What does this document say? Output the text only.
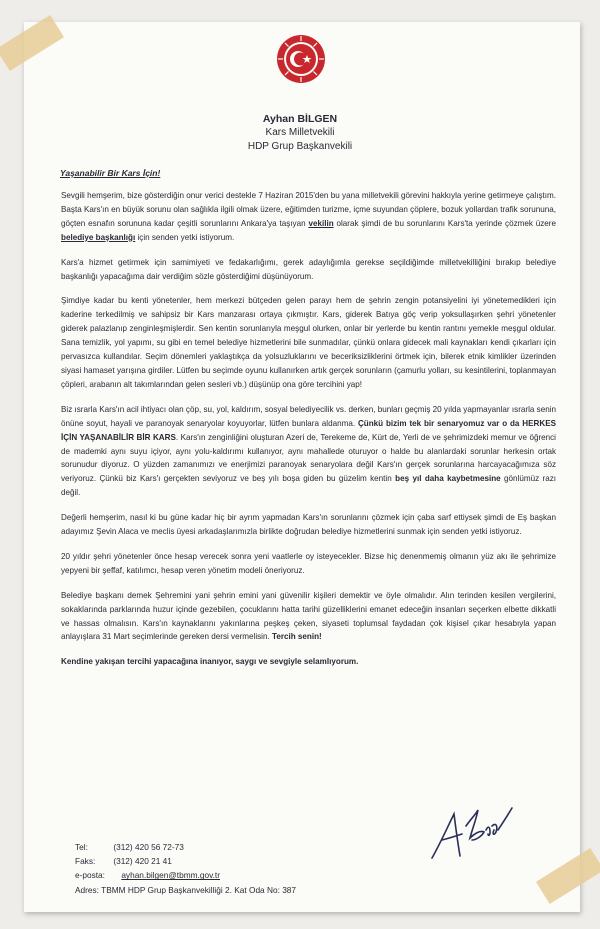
Ayhan BİLGEN
Kars Milletvekili
HDP Grup Başkanvekili
Yaşanabilir Bir Kars İçin!

Sevgili hemşerim, bize gösterdiğin onur verici destekle 7 Haziran 2015'den bu yana milletvekili görevini hakkıyla yerine getirmeye çalıştım. Başta Kars'ın en büyük sorunu olan sağlıkla ilgili olmak üzere, eğitimden turizme, içme suyundan çöplere, bozuk yollardan trafik sorununa, göçten esnafın sorununa kadar çeşitli sorunlarını Ankara'ya taşıyan vekilin olarak şimdi de bu sorunlarını Kars'ta yerinde çözmek üzere belediye başkanlığı için senden yetki istiyorum.

Kars'a hizmet getirmek için samimiyeti ve fedakarlığımı, gerek adaylığımla gerekse seçildiğimde milletvekilliğini bırakıp belediye başkanlığı yapacağıma dair verdiğim sözle gösterdiğimi düşünüyorum.

Şimdiye kadar bu kenti yönetenler, hem merkezi bütçeden gelen parayı hem de şehrin zengin potansiyelini iyi yönetemedikleri için kaderine terkedilmiş ve sahipsiz bir Kars manzarası ortaya çıkmıştır. Kars, giderek Batıya göç verip yoksullaşırken şehri yönetenler giderek palazlanıp zenginleşmişlerdir. Sen kentin sorunlarıyla meşgul olurken, onlar bir yerlerde bu kentin rantını yemekle meşgul oldular. Sana temizlik, yol yapımı, su gibi en temel belediye hizmetlerini bile sunmadılar, çünkü onlara gidecek mali kaynakları kendi çıkarları için pervasızca kullandılar. Seçim dönemleri yaklaştıkça da yolsuzluklarını ve beceriksizliklerini örtmek için, bilerek etnik kimlikler üzerinden siyasi hamaset yarışına girdiler. Lütfen bu seçimde oyunu kullanırken artık gerçek sorunların (çamurlu yolları, su kesintilerini, toplanmayan çöpleri, arabanın alt takımlarından gelen sesleri vb.) düşünüp ona göre tercihini yap!

Biz ısrarla Kars'ın acil ihtiyacı olan çöp, su, yol, kaldırım, sosyal belediyecilik vs. derken, bunları geçmiş 20 yılda yapmayanlar ısrarla senin önüne soyut, hayali ve paranoyak senaryolar koyuyorlar, lütfen bunlara aldanma. Çünkü bizim tek bir senaryomuz var o da HERKES İÇİN YAŞANABİLİR BİR KARS. Kars'ın zenginliğini oluşturan Azeri de, Terekeme de, Kürt de, Yerli de ve şehrimizdeki memur ve öğrenci de mademki aynı suyu içiyor, aynı yolu-kaldırımı kullanıyor, aynı mahallede oturuyor o halde bu alanlardaki sorunlar herkesin ortak sorunudur diyoruz. O yüzden zamanımızı ve enerjimizi paranoyak senaryolara değil Kars'ın gerçek sorunlarına harcayacağımıza söz veriyoruz. Çünkü biz Kars'ı gerçekten seviyoruz ve beş yılı boşa giden bu güzelim kentin beş yıl daha kaybetmesine gönlümüz razı değil.

Değerli hemşerim, nasıl ki bu güne kadar hiç bir ayrım yapmadan Kars'ın sorunlarını çözmek için çaba sarf ettiysek şimdi de Eş başkan adayımız Şevin Alaca ve meclis üyesi arkadaşlarımızla birlikte doğrudan belediye hizmetlerini sunmak için senden yetki istiyoruz.

20 yıldır şehri yönetenler önce hesap verecek sonra yeni vaatlerle oy isteyecekler. Bizse hiç denenmemiş olmanın yüz akı ile şehrimize yepyeni bir şeffaf, katılımcı, hesap veren yönetim modeli öneriyoruz.

Belediye başkanı demek Şehremini yani şehrin emini yani güvenilir kişileri demektir ve öyle olmalıdır. Alın terinden kesilen vergilerini, sokaklarında parklarında huzur içinde gezebilen, çocuklarını hatta tarihi güzelliklerini emanet edeceğin insanları seçerken elbette dikkatli ve hassas olmalısın. Kars'ın kaynaklarını yakınlarına peşkeş çeken, siyaseti toplumsal faydadan çok kişisel çıkar hesabıyla yapan anlayışlara 31 Mart seçimlerinde gereken dersi vermelisin. Tercih senin!

Kendine yakışan tercihi yapacağına inanıyor, saygı ve sevgiyle selamlıyorum.

Tel:	(312) 420 56 72-73
Faks: (312) 420 21 41
e-posta: ayhan.bilgen@tbmm.gov.tr
Adres: TBMM HDP Grup Başkanvekilliği 2. Kat Oda No: 387
